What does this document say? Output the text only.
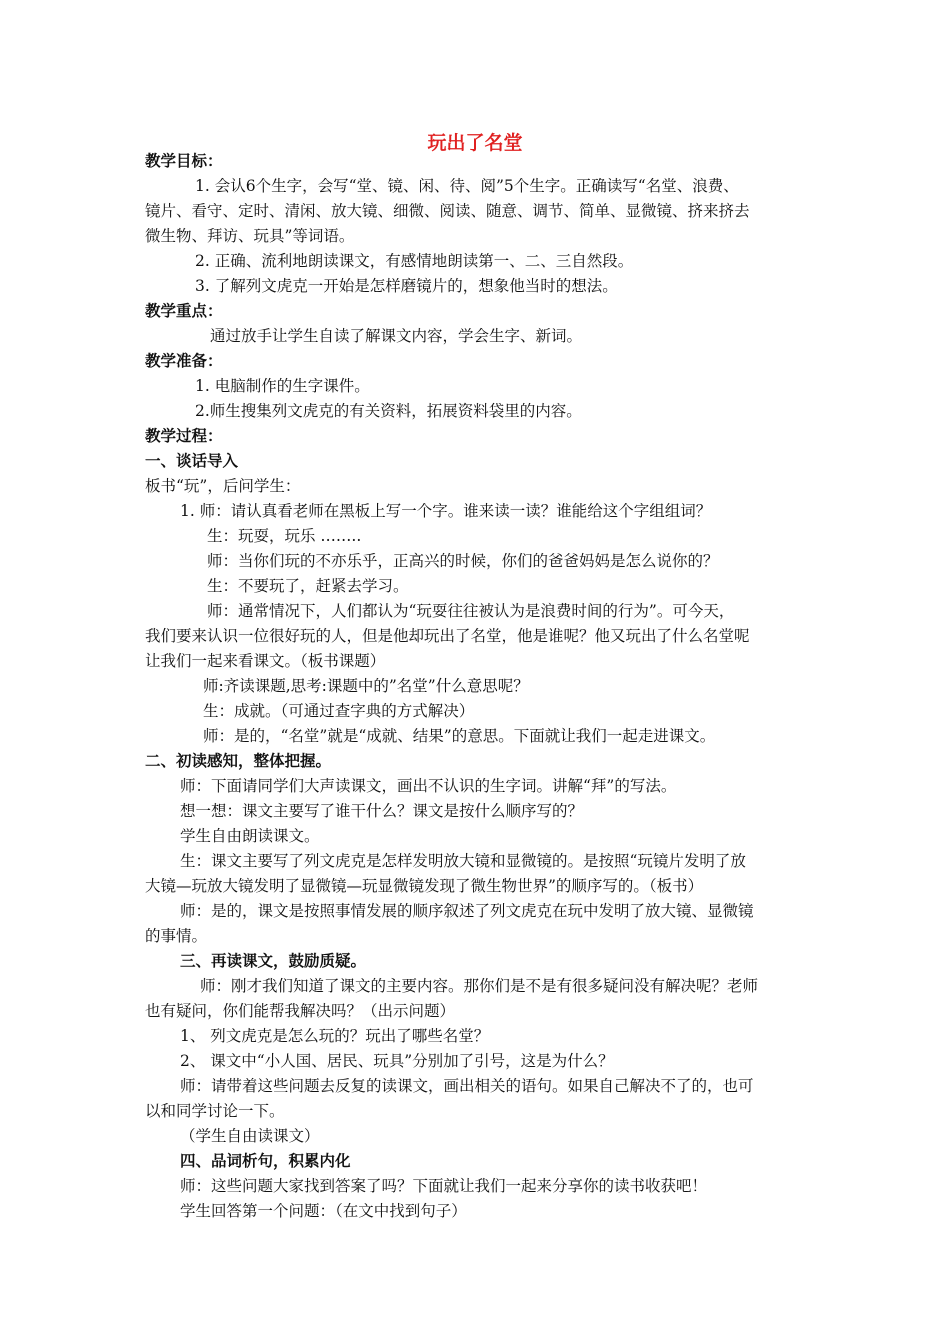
玩出了名堂
教学目标：
1. 会认6个生字，会写“堂、镜、闲、待、阅”5个生字。正确读写“名堂、浪费、
镜片、看守、定时、清闲、放大镜、细微、阅读、随意、调节、简单、显微镜、挤来挤去
微生物、拜访、玩具”等词语。
2. 正确、流利地朗读课文，有感情地朗读第一、二、三自然段。
3. 了解列文虎克一开始是怎样磨镜片的，想象他当时的想法。
教学重点：
通过放手让学生自读了解课文内容，学会生字、新词。
教学准备：
1. 电脑制作的生字课件。
2.师生搜集列文虎克的有关资料，拓展资料袋里的内容。
教学过程：
一、谈话导入
板书“玩”，后问学生：
1. 师：请认真看老师在黑板上写一个字。谁来读一读？谁能给这个字组组词？
生：玩耍，玩乐 ……..
师：当你们玩的不亦乐乎，正高兴的时候，你们的爸爸妈妈是怎么说你的？
生：不要玩了，赶紧去学习。
师：通常情况下，人们都认为“玩耍往往被认为是浪费时间的行为”。可今天，
我们要来认识一位很好玩的人，但是他却玩出了名堂，他是谁呢？他又玩出了什么名堂呢
让我们一起来看课文。（板书课题）
师:齐读课题,思考:课题中的”名堂”什么意思呢？
生：成就。（可通过查字典的方式解决）
师：是的，“名堂”就是“成就、结果”的意思。下面就让我们一起走进课文。
二、初读感知，整体把握。
师：下面请同学们大声读课文，画出不认识的生字词。讲解“拜”的写法。
想一想：课文主要写了谁干什么？课文是按什么顺序写的？
学生自由朗读课文。
生：课文主要写了列文虎克是怎样发明放大镜和显微镜的。是按照“玩镜片发明了放
大镜—玩放大镜发明了显微镜—玩显微镜发现了微生物世界”的顺序写的。（板书）
师：是的，课文是按照事情发展的顺序叙述了列文虎克在玩中发明了放大镜、显微镜
的事情。
三、再读课文，鼓励质疑。
师：刚才我们知道了课文的主要内容。那你们是不是有很多疑问没有解决呢？老师
也有疑问，你们能帮我解决吗？（出示问题）
1、 列文虎克是怎么玩的？玩出了哪些名堂？
2、 课文中“小人国、居民、玩具”分别加了引号，这是为什么？
师：请带着这些问题去反复的读课文，画出相关的语句。如果自己解决不了的，也可
以和同学讨论一下。
（学生自由读课文）
四、品词析句，积累内化
师：这些问题大家找到答案了吗？下面就让我们一起来分享你的读书收获吧！
学生回答第一个问题：（在文中找到句子）
